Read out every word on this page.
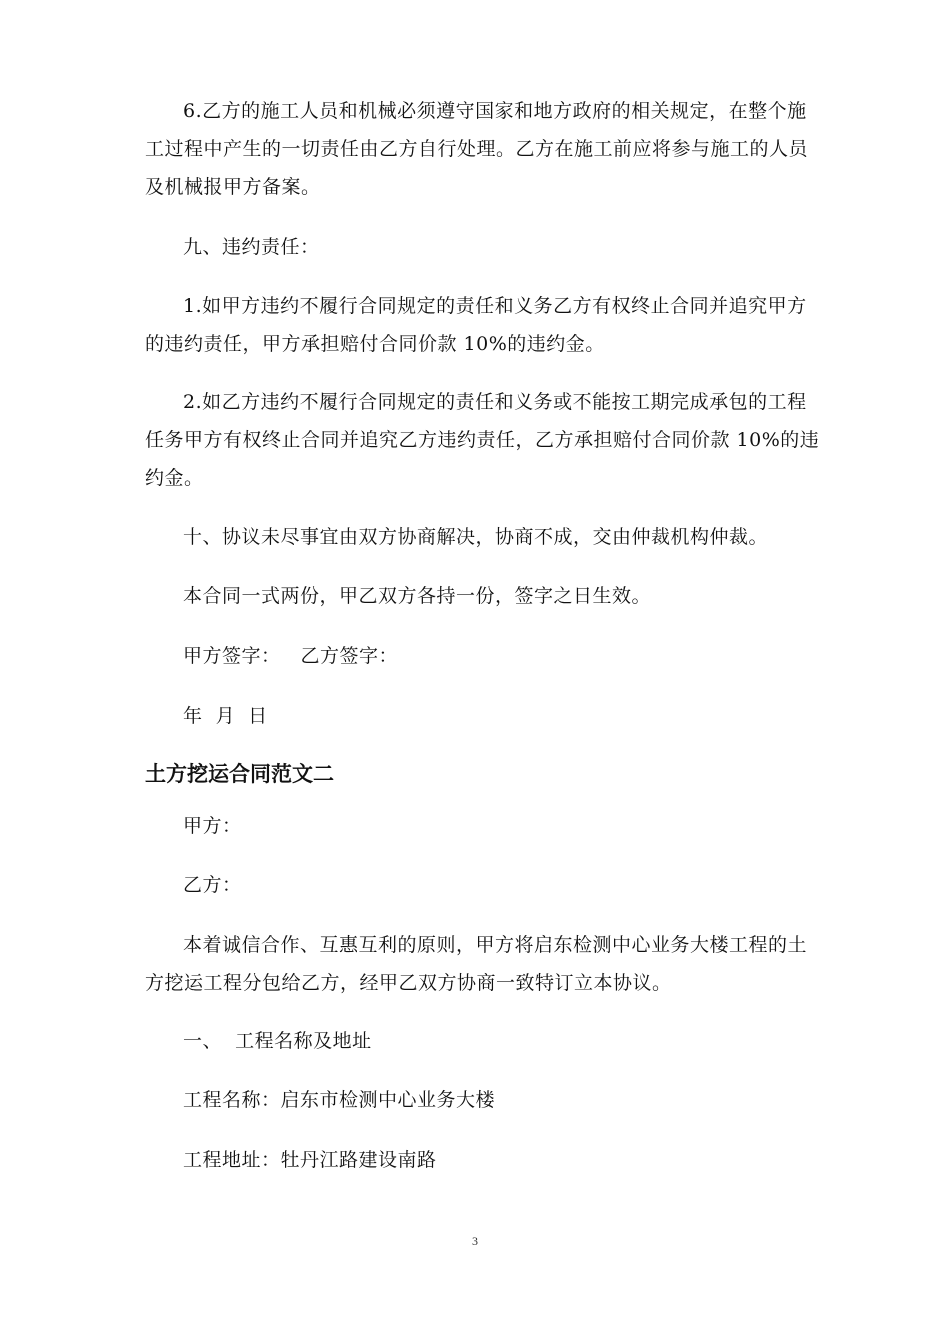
6.乙方的施工人员和机械必须遵守国家和地方政府的相关规定，在整个施
工过程中产生的一切责任由乙方自行处理。乙方在施工前应将参与施工的人员
及机械报甲方备案。

九、违约责任：

1.如甲方违约不履行合同规定的责任和义务乙方有权终止合同并追究甲方
的违约责任，甲方承担赔付合同价款 10%的违约金。

2.如乙方违约不履行合同规定的责任和义务或不能按工期完成承包的工程
任务甲方有权终止合同并追究乙方违约责任，乙方承担赔付合同价款 10%的违
约金。

十、协议未尽事宜由双方协商解决，协商不成，交由仲裁机构仲裁。

本合同一式两份，甲乙双方各持一份，签字之日生效。

甲方签字： 乙方签字：

年  月  日

土方挖运合同范文二

甲方：

乙方：

本着诚信合作、互惠互利的原则，甲方将启东检测中心业务大楼工程的土
方挖运工程分包给乙方，经甲乙双方协商一致特订立本协议。

一、  工程名称及地址

工程名称：启东市检测中心业务大楼

工程地址：牡丹江路建设南路

3
